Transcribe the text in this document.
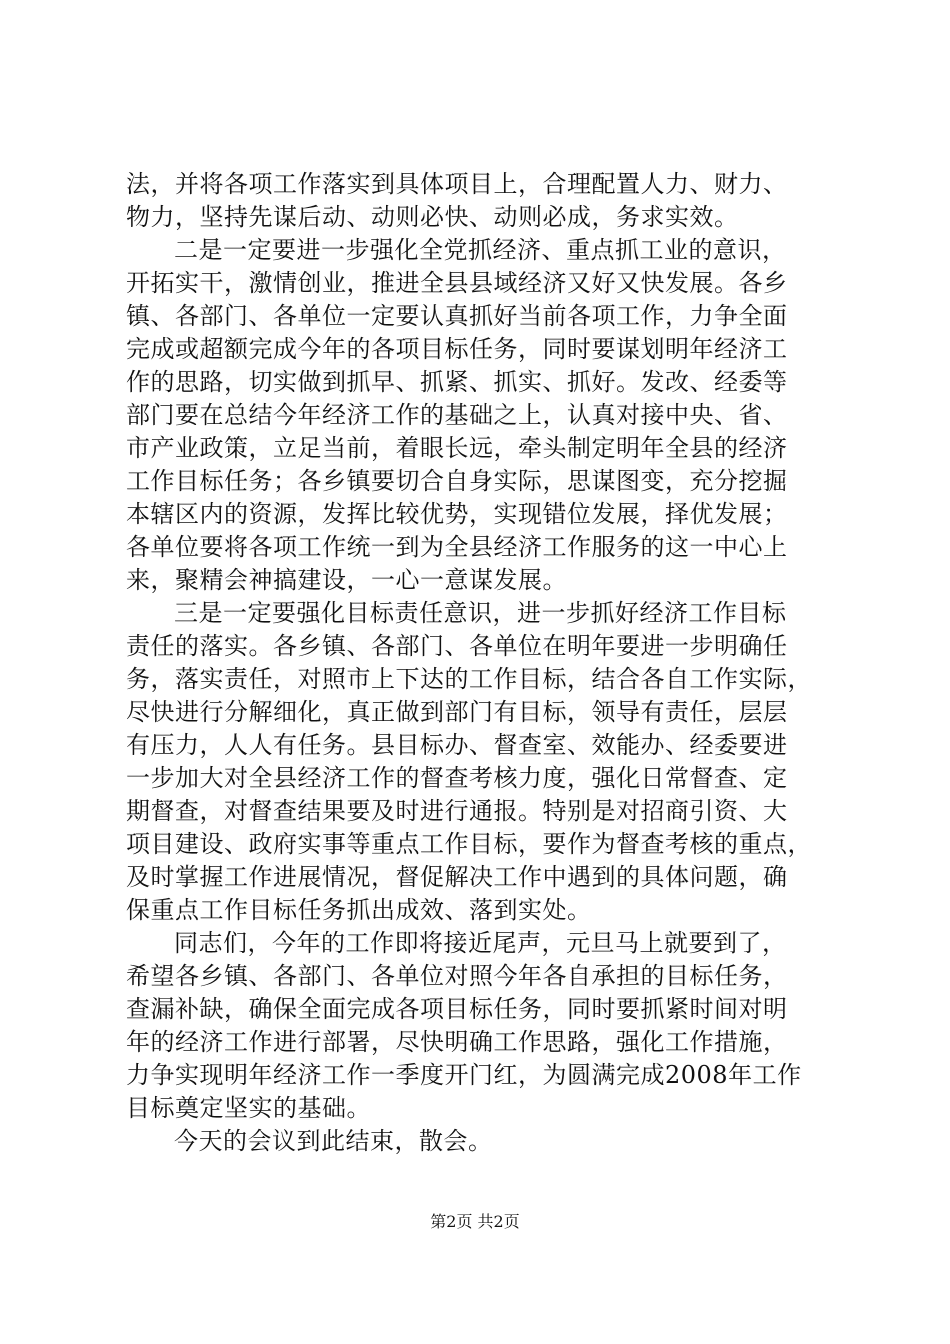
法，并将各项工作落实到具体项目上，合理配置人力、财力、
物力，坚持先谋后动、动则必快、动则必成，务求实效。
二是一定要进一步强化全党抓经济、重点抓工业的意识，
开拓实干，激情创业，推进全县县域经济又好又快发展。各乡
镇、各部门、各单位一定要认真抓好当前各项工作，力争全面
完成或超额完成今年的各项目标任务，同时要谋划明年经济工
作的思路，切实做到抓早、抓紧、抓实、抓好。发改、经委等
部门要在总结今年经济工作的基础之上，认真对接中央、省、
市产业政策，立足当前，着眼长远，牵头制定明年全县的经济
工作目标任务；各乡镇要切合自身实际，思谋图变，充分挖掘
本辖区内的资源，发挥比较优势，实现错位发展，择优发展；
各单位要将各项工作统一到为全县经济工作服务的这一中心上
来，聚精会神搞建设，一心一意谋发展。
三是一定要强化目标责任意识，进一步抓好经济工作目标
责任的落实。各乡镇、各部门、各单位在明年要进一步明确任
务，落实责任，对照市上下达的工作目标，结合各自工作实际，
尽快进行分解细化，真正做到部门有目标，领导有责任，层层
有压力，人人有任务。县目标办、督查室、效能办、经委要进
一步加大对全县经济工作的督查考核力度，强化日常督查、定
期督查，对督查结果要及时进行通报。特别是对招商引资、大
项目建设、政府实事等重点工作目标，要作为督查考核的重点，
及时掌握工作进展情况，督促解决工作中遇到的具体问题，确
保重点工作目标任务抓出成效、落到实处。
同志们，今年的工作即将接近尾声，元旦马上就要到了，
希望各乡镇、各部门、各单位对照今年各自承担的目标任务，
查漏补缺，确保全面完成各项目标任务，同时要抓紧时间对明
年的经济工作进行部署，尽快明确工作思路，强化工作措施，
力争实现明年经济工作一季度开门红，为圆满完成2008年工作
目标奠定坚实的基础。
今天的会议到此结束，散会。
第2页 共2页
